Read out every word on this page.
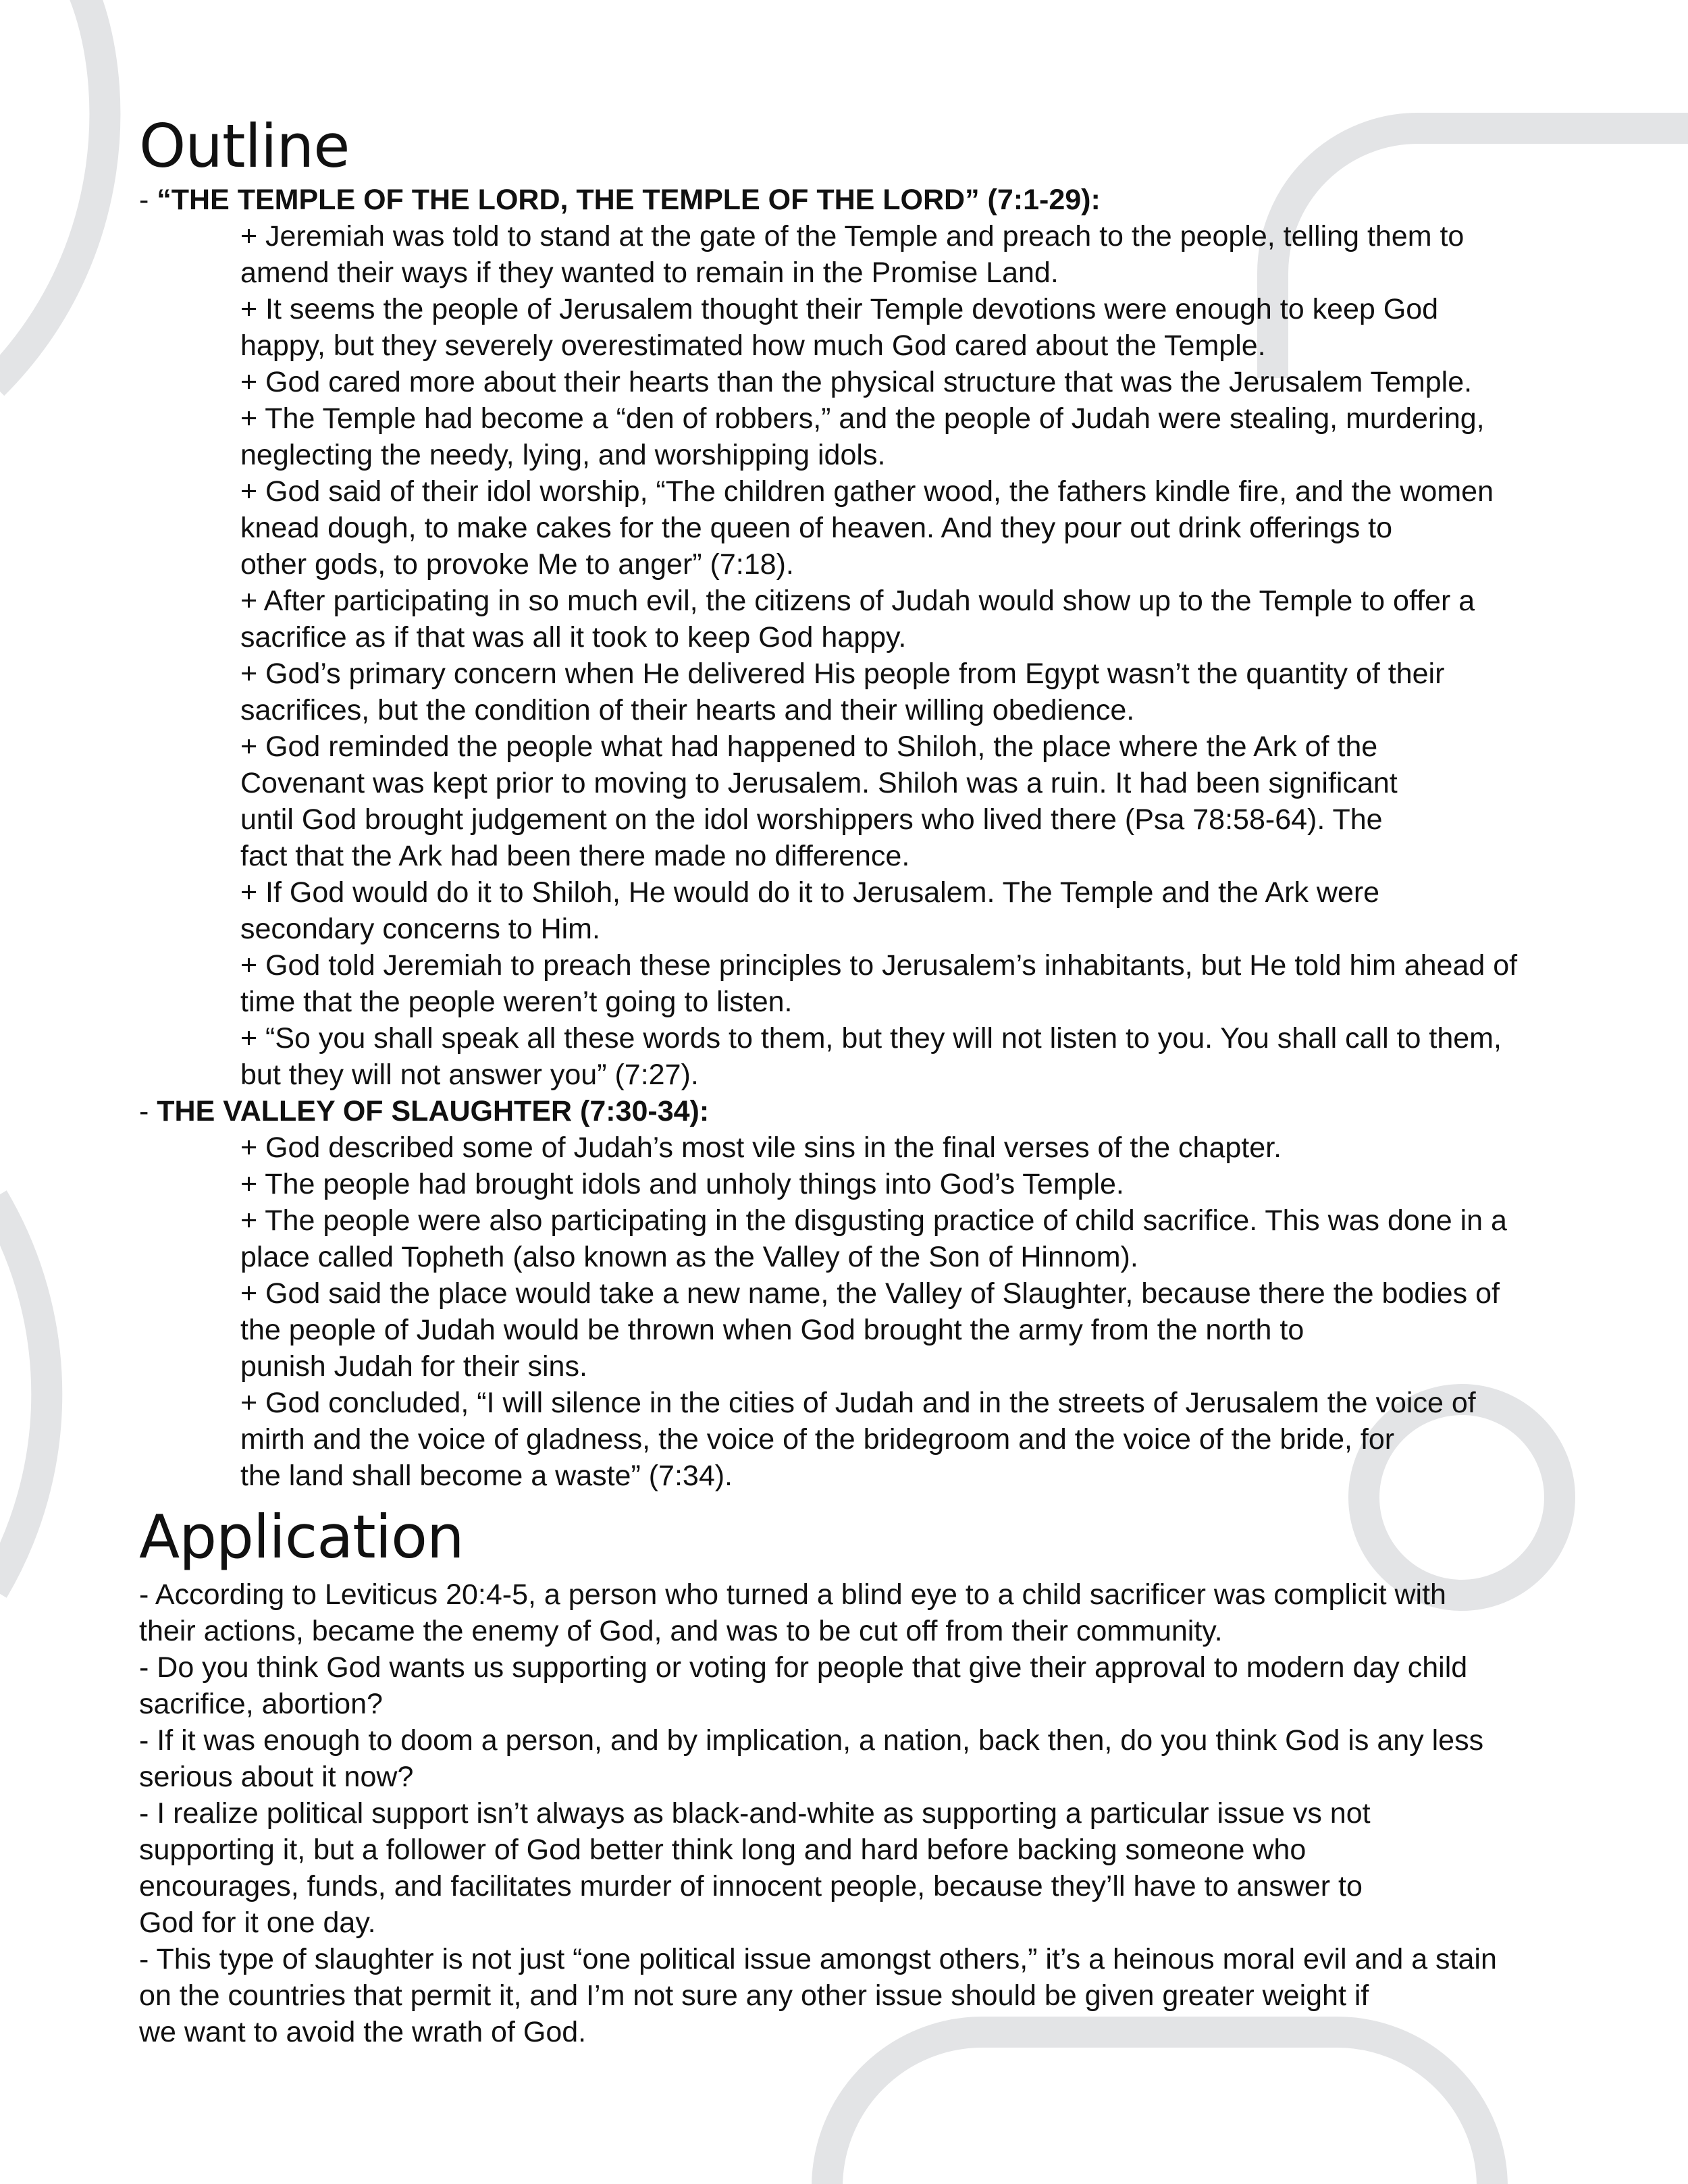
Outline
- “THE TEMPLE OF THE LORD, THE TEMPLE OF THE LORD” (7:1-29):
+ Jeremiah was told to stand at the gate of the Temple and preach to the people, telling them to
amend their ways if they wanted to remain in the Promise Land.
+ It seems the people of Jerusalem thought their Temple devotions were enough to keep God
happy, but they severely overestimated how much God cared about the Temple.
+ God cared more about their hearts than the physical structure that was the Jerusalem Temple.
+ The Temple had become a “den of robbers,” and the people of Judah were stealing, murdering,
neglecting the needy, lying, and worshipping idols.
+ God said of their idol worship, “The children gather wood, the fathers kindle fire, and the women
knead dough, to make cakes for the queen of heaven. And they pour out drink offerings to
other gods, to provoke Me to anger” (7:18).
+ After participating in so much evil, the citizens of Judah would show up to the Temple to offer a
sacrifice as if that was all it took to keep God happy.
+ God’s primary concern when He delivered His people from Egypt wasn’t the quantity of their
sacrifices, but the condition of their hearts and their willing obedience.
+ God reminded the people what had happened to Shiloh, the place where the Ark of the
Covenant was kept prior to moving to Jerusalem. Shiloh was a ruin. It had been significant
until God brought judgement on the idol worshippers who lived there (Psa 78:58-64). The
fact that the Ark had been there made no difference.
+ If God would do it to Shiloh, He would do it to Jerusalem. The Temple and the Ark were
secondary concerns to Him.
+ God told Jeremiah to preach these principles to Jerusalem’s inhabitants, but He told him ahead of
time that the people weren’t going to listen.
+ “So you shall speak all these words to them, but they will not listen to you. You shall call to them,
but they will not answer you” (7:27).
- THE VALLEY OF SLAUGHTER (7:30-34):
+ God described some of Judah’s most vile sins in the final verses of the chapter.
+ The people had brought idols and unholy things into God’s Temple.
+ The people were also participating in the disgusting practice of child sacrifice. This was done in a
place called Topheth (also known as the Valley of the Son of Hinnom).
+ God said the place would take a new name, the Valley of Slaughter, because there the bodies of
the people of Judah would be thrown when God brought the army from the north to
punish Judah for their sins.
+ God concluded, “I will silence in the cities of Judah and in the streets of Jerusalem the voice of
mirth and the voice of gladness, the voice of the bridegroom and the voice of the bride, for
the land shall become a waste” (7:34).
Application
- According to Leviticus 20:4-5, a person who turned a blind eye to a child sacrificer was complicit with
their actions, became the enemy of God, and was to be cut off from their community.
- Do you think God wants us supporting or voting for people that give their approval to modern day child
sacrifice, abortion?
- If it was enough to doom a person, and by implication, a nation, back then, do you think God is any less
serious about it now?
- I realize political support isn’t always as black-and-white as supporting a particular issue vs not
supporting it, but a follower of God better think long and hard before backing someone who
encourages, funds, and facilitates murder of innocent people, because they’ll have to answer to
God for it one day.
- This type of slaughter is not just “one political issue amongst others,” it’s a heinous moral evil and a stain
on the countries that permit it, and I’m not sure any other issue should be given greater weight if
we want to avoid the wrath of God.
